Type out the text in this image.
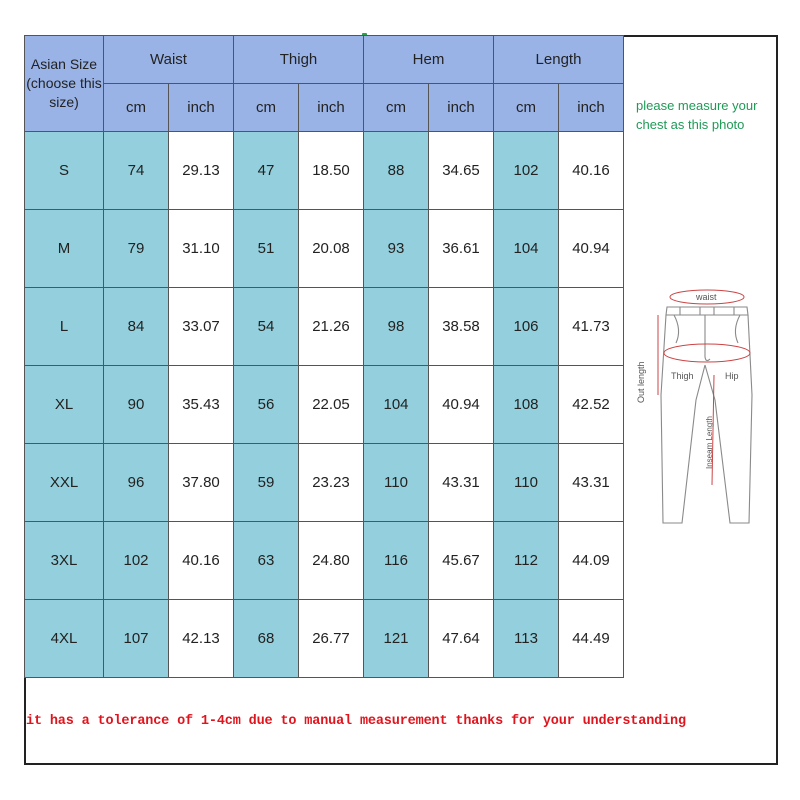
Asian Size (choose this size)	Waist		Thigh		Hem		Length	
	cm	inch	cm	inch	cm	inch	cm	inch
S	74	29.13	47	18.50	88	34.65	102	40.16
M	79	31.10	51	20.08	93	36.61	104	40.94
L	84	33.07	54	21.26	98	38.58	106	41.73
XL	90	35.43	56	22.05	104	40.94	108	42.52
XXL	96	37.80	59	23.23	110	43.31	110	43.31
3XL	102	40.16	63	24.80	116	45.67	112	44.09
4XL	107	42.13	68	26.77	121	47.64	113	44.49
please measure your chest as this photo
waist
Out length	Thigh	Hip
Inseam Length
it has a tolerance of 1-4cm due to manual measurement thanks for your understanding
